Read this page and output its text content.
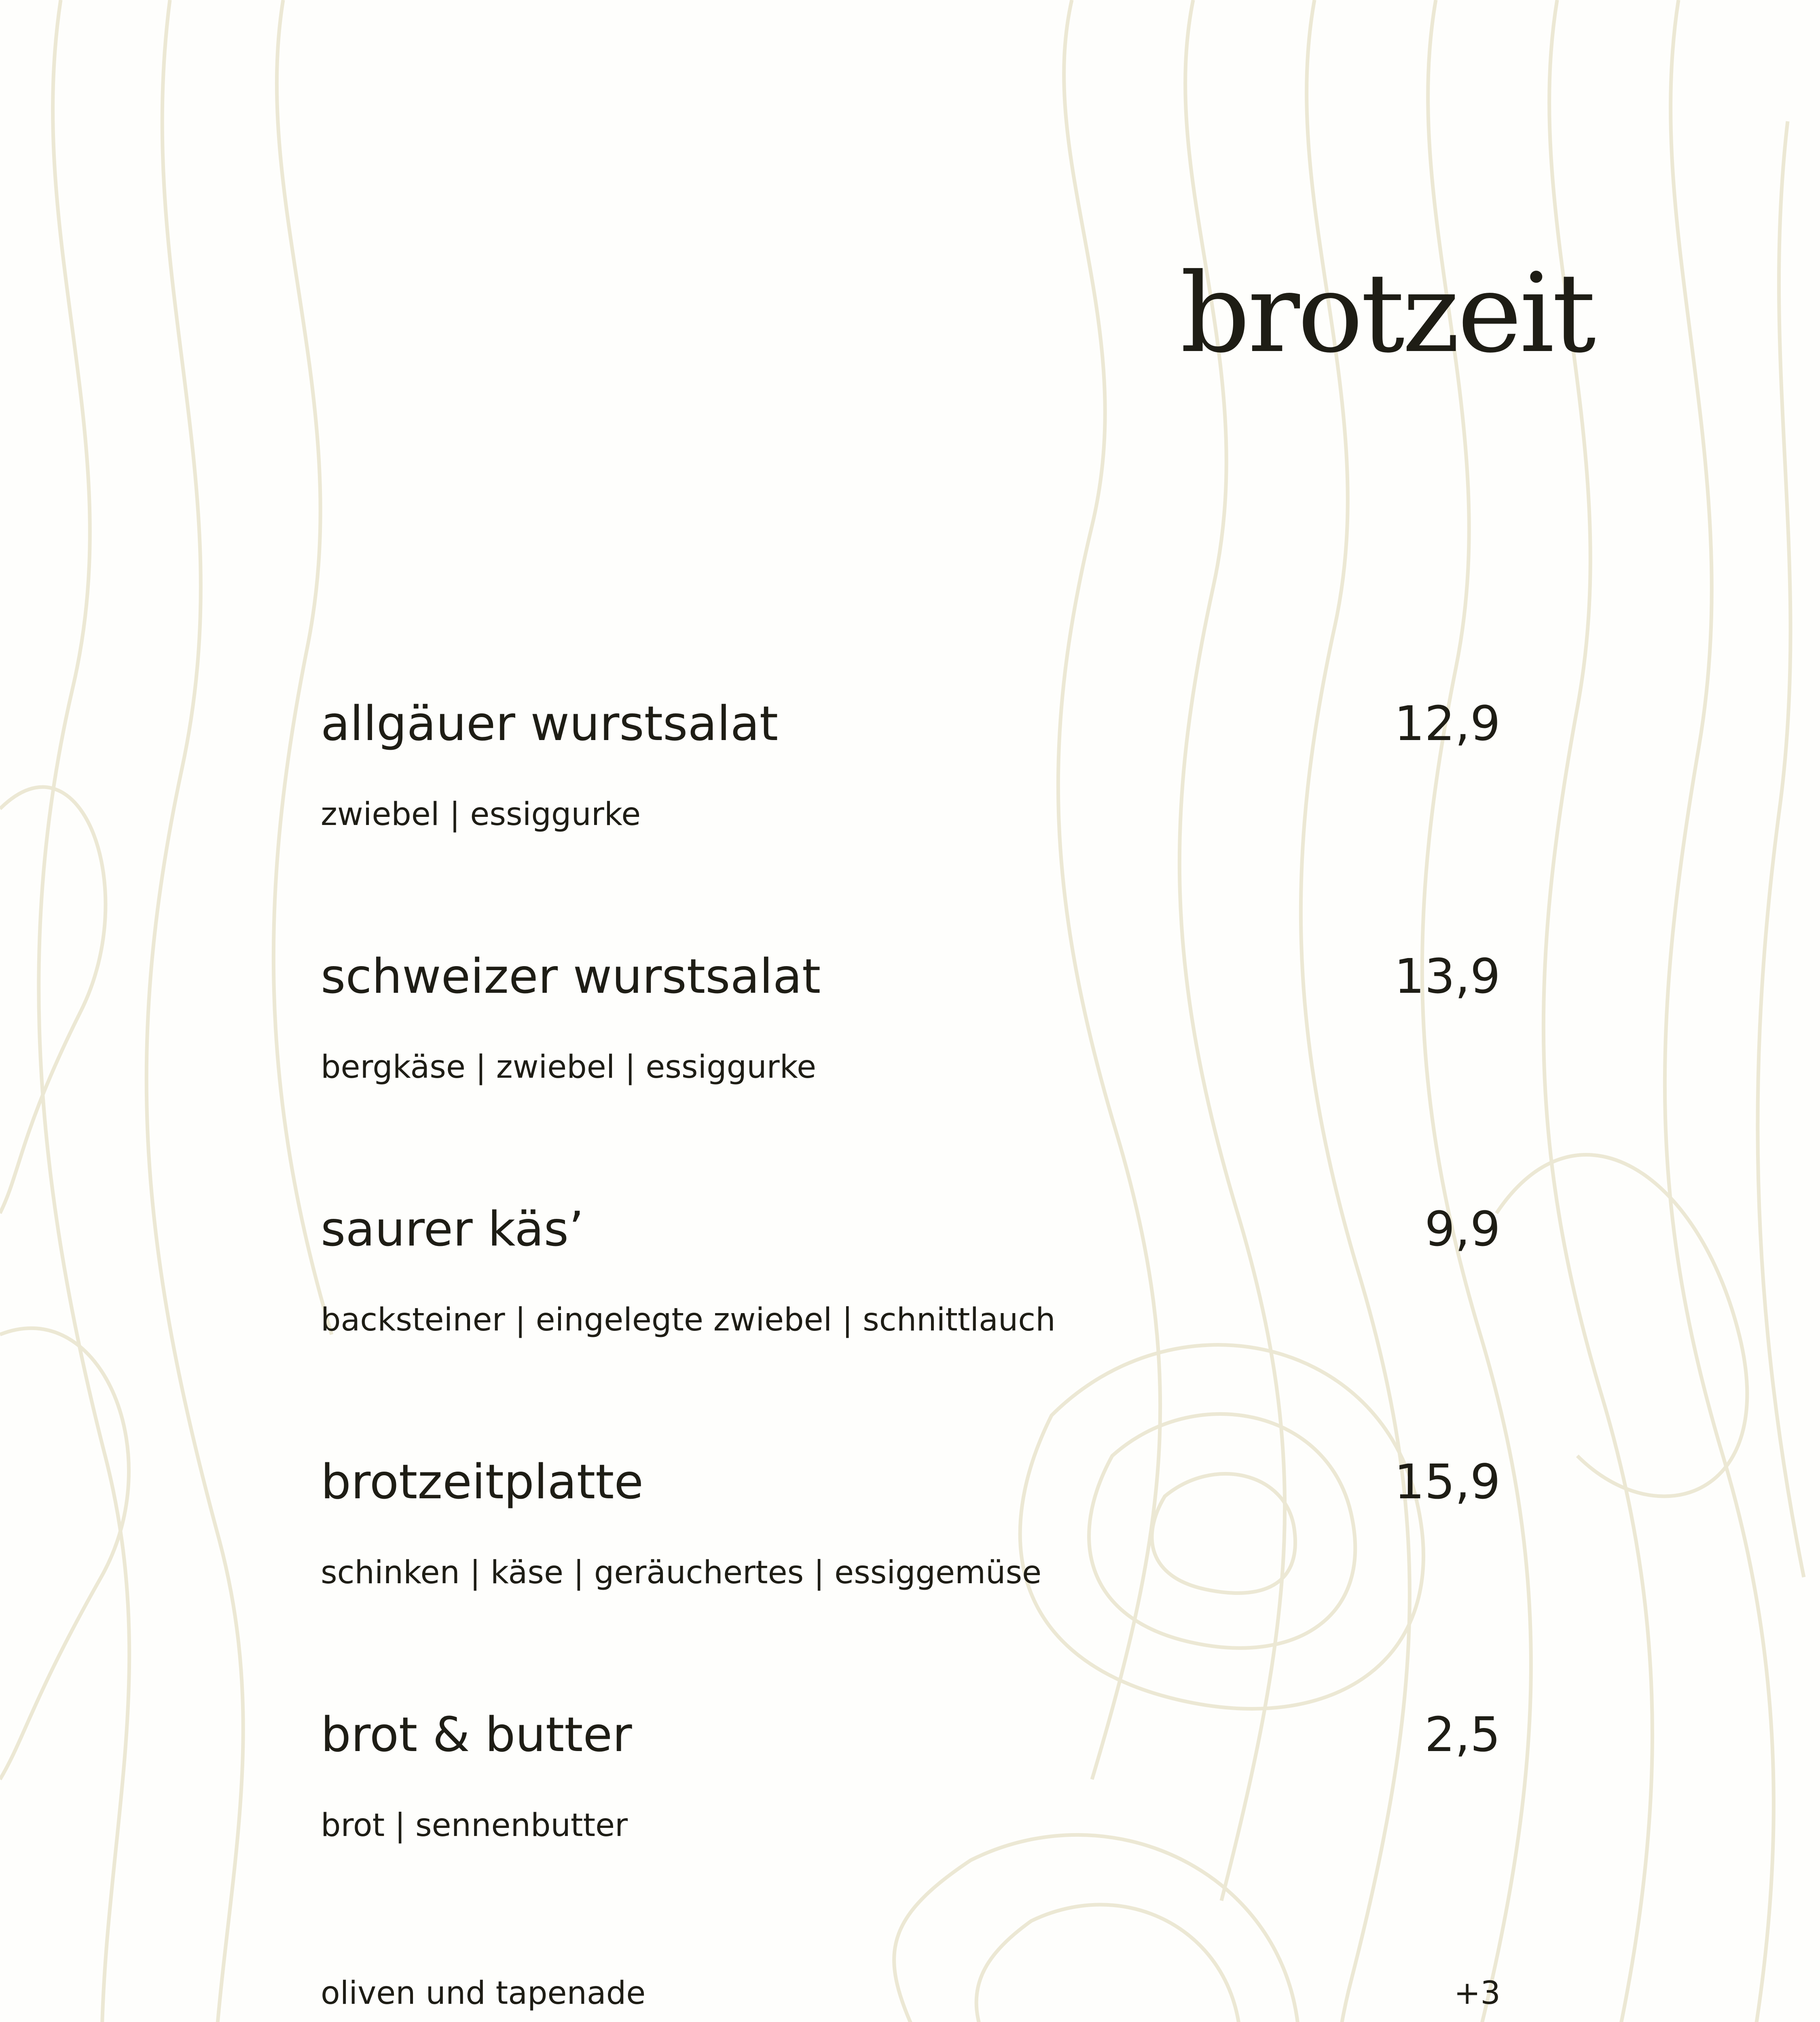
brotzeit
allgäuer wurstsalat	12,9
zwiebel | essiggurke
schweizer wurstsalat	13,9
bergkäse | zwiebel | essiggurke
saurer käs’	9,9
backsteiner | eingelegte zwiebel | schnittlauch
brotzeitplatte	15,9
schinken | käse | geräuchertes | essiggemüse
brot & butter	2,5
brot | sennenbutter
oliven und tapenade	+3
